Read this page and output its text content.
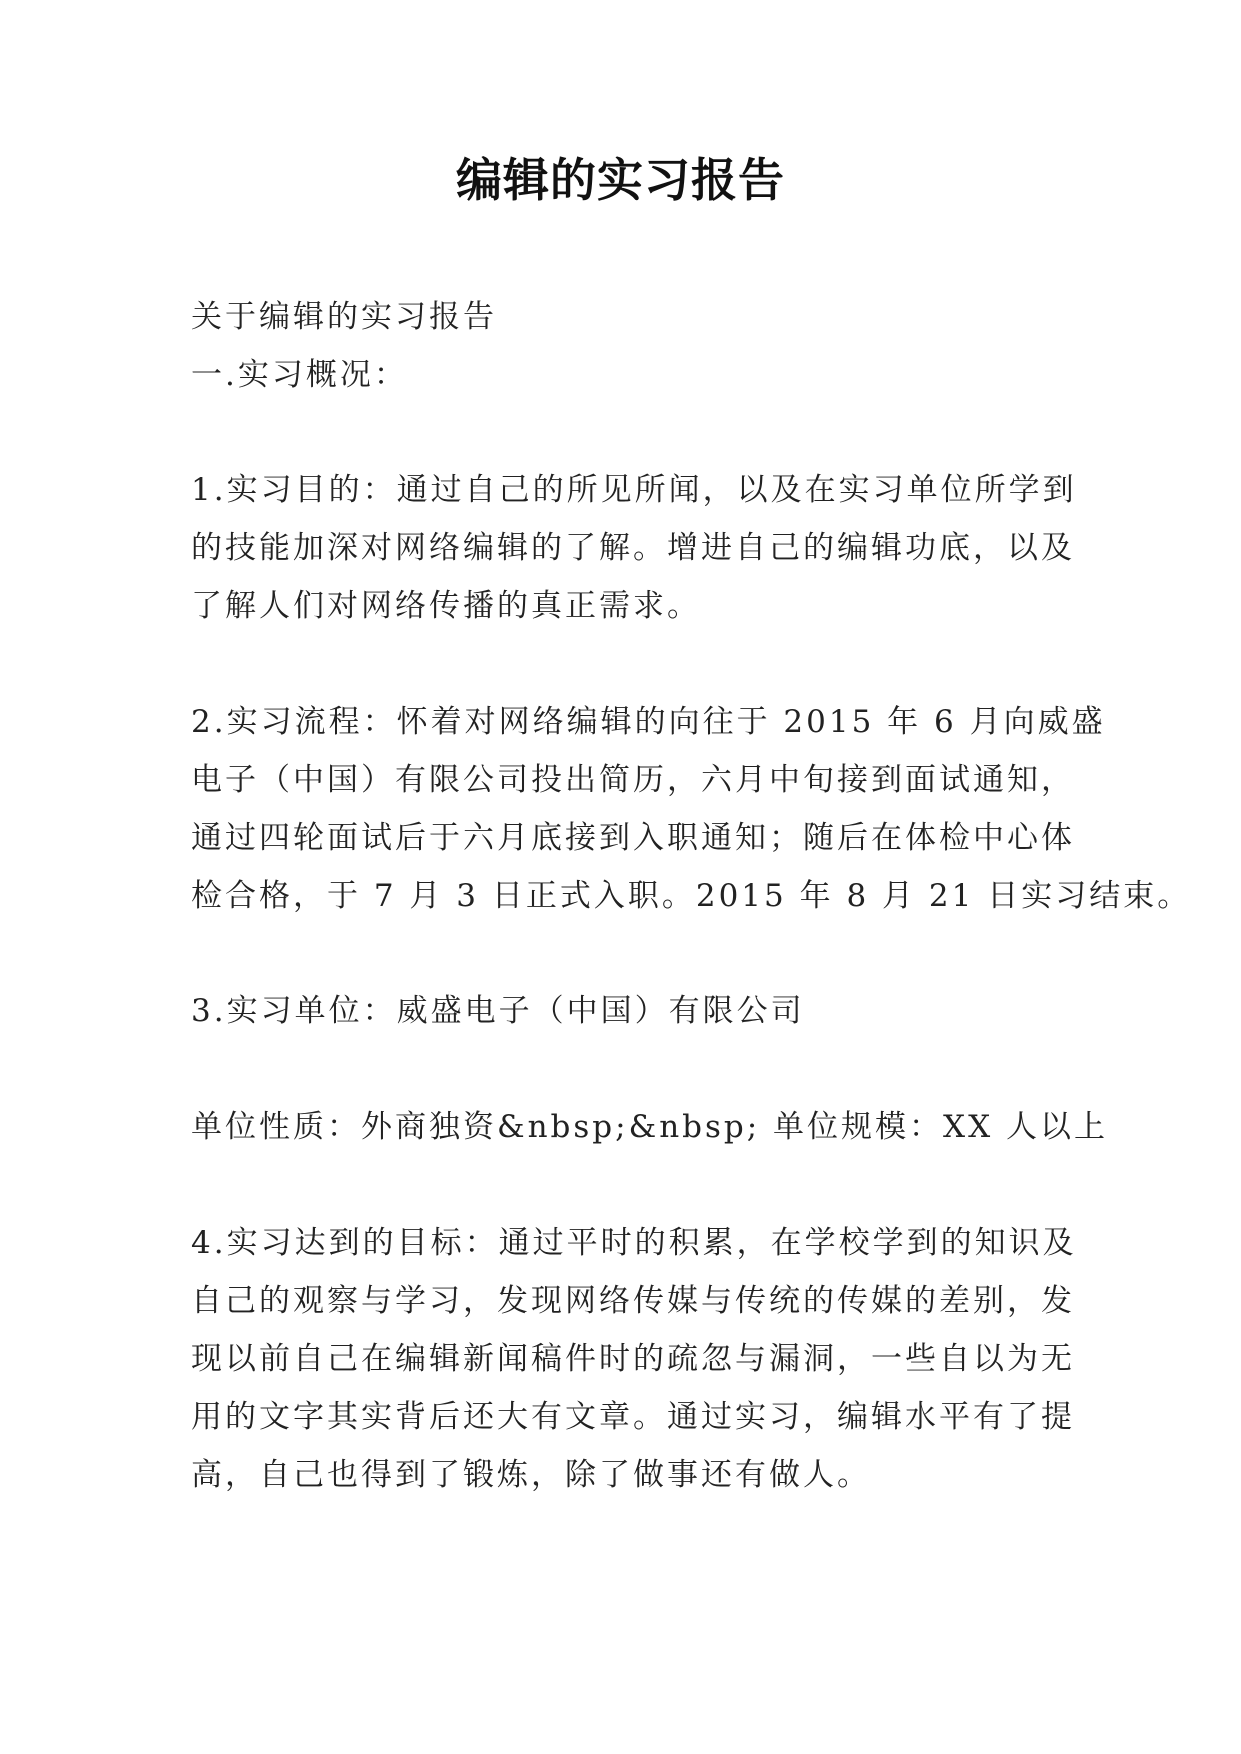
编辑的实习报告
关于编辑的实习报告
一.实习概况：
1.实习目的：通过自己的所见所闻，以及在实习单位所学到
的技能加深对网络编辑的了解。增进自己的编辑功底，以及
了解人们对网络传播的真正需求。
2.实习流程：怀着对网络编辑的向往于 2015 年 6 月向威盛
电子（中国）有限公司投出简历，六月中旬接到面试通知，
通过四轮面试后于六月底接到入职通知；随后在体检中心体
检合格，于 7 月 3 日正式入职。2015 年 8 月 21 日实习结束。
3.实习单位：威盛电子（中国）有限公司
单位性质：外商独资&nbsp;&nbsp; 单位规模：XX 人以上
4.实习达到的目标：通过平时的积累，在学校学到的知识及
自己的观察与学习，发现网络传媒与传统的传媒的差别，发
现以前自己在编辑新闻稿件时的疏忽与漏洞，一些自以为无
用的文字其实背后还大有文章。通过实习，编辑水平有了提
高，自己也得到了锻炼，除了做事还有做人。
